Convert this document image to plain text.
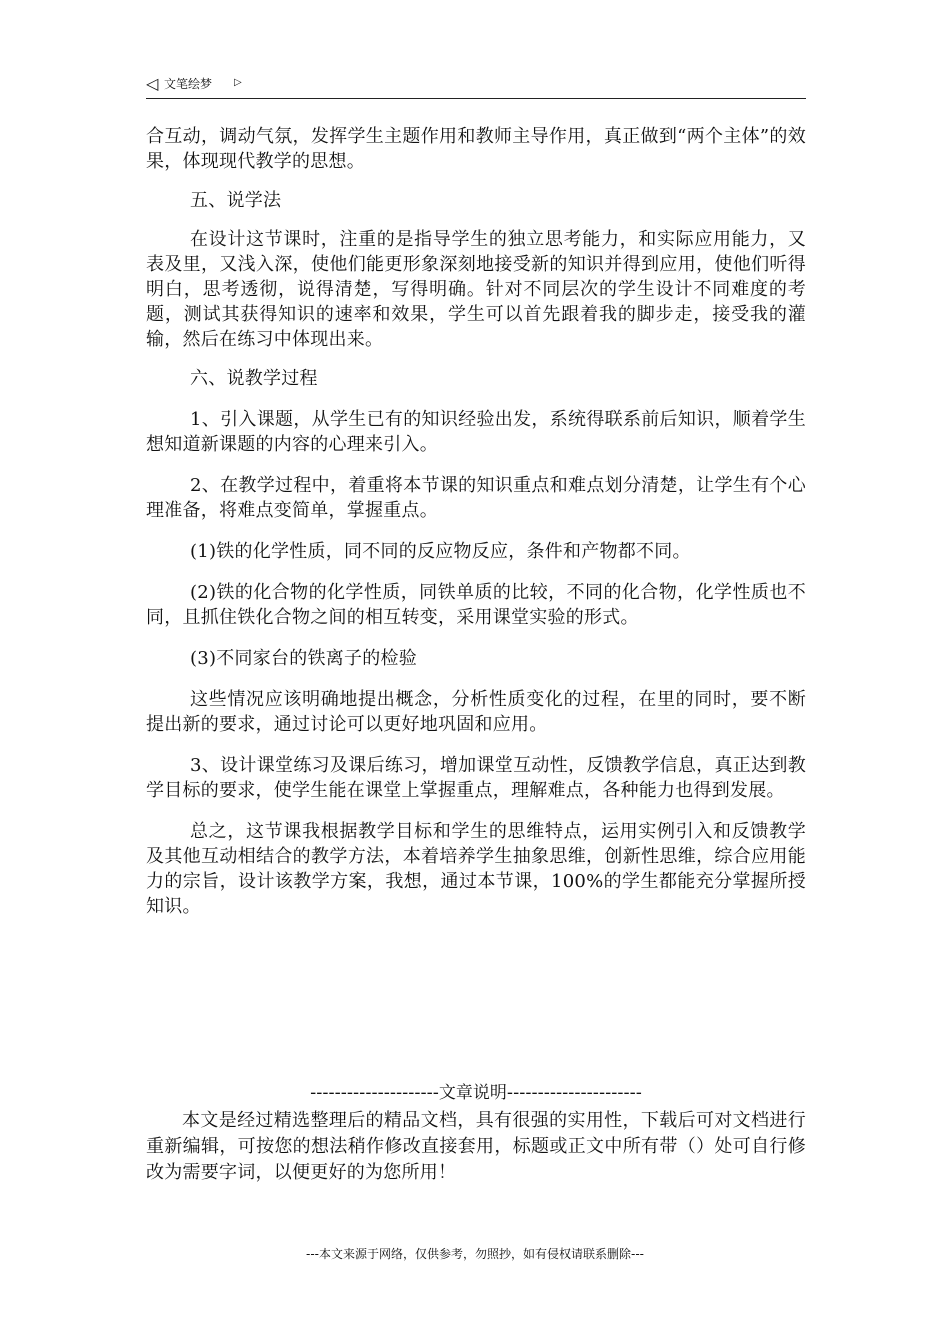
◁ 文笔绘梦 ▷

合互动，调动气氛，发挥学生主题作用和教师主导作用，真正做到“两个主体”的效果，体现现代教学的思想。

五、说学法

在设计这节课时，注重的是指导学生的独立思考能力，和实际应用能力，又表及里，又浅入深，使他们能更形象深刻地接受新的知识并得到应用，使他们听得明白，思考透彻，说得清楚，写得明确。针对不同层次的学生设计不同难度的考题，测试其获得知识的速率和效果，学生可以首先跟着我的脚步走，接受我的灌输，然后在练习中体现出来。

六、说教学过程

1、引入课题，从学生已有的知识经验出发，系统得联系前后知识，顺着学生想知道新课题的内容的心理来引入。

2、在教学过程中，着重将本节课的知识重点和难点划分清楚，让学生有个心理准备，将难点变简单，掌握重点。

(1)铁的化学性质，同不同的反应物反应，条件和产物都不同。

(2)铁的化合物的化学性质，同铁单质的比较，不同的化合物，化学性质也不同，且抓住铁化合物之间的相互转变，采用课堂实验的形式。

(3)不同家台的铁离子的检验

这些情况应该明确地提出概念，分析性质变化的过程，在里的同时，要不断提出新的要求，通过讨论可以更好地巩固和应用。

3、设计课堂练习及课后练习，增加课堂互动性，反馈教学信息，真正达到教学目标的要求，使学生能在课堂上掌握重点，理解难点，各种能力也得到发展。

总之，这节课我根据教学目标和学生的思维特点，运用实例引入和反馈教学及其他互动相结合的教学方法，本着培养学生抽象思维，创新性思维，综合应用能力的宗旨，设计该教学方案，我想，通过本节课，100%的学生都能充分掌握所授知识。

---------------------文章说明----------------------

本文是经过精选整理后的精品文档，具有很强的实用性，下载后可对文档进行重新编辑，可按您的想法稍作修改直接套用，标题或正文中所有带（）处可自行修改为需要字词，以便更好的为您所用！

---本文来源于网络，仅供参考，勿照抄，如有侵权请联系删除---
